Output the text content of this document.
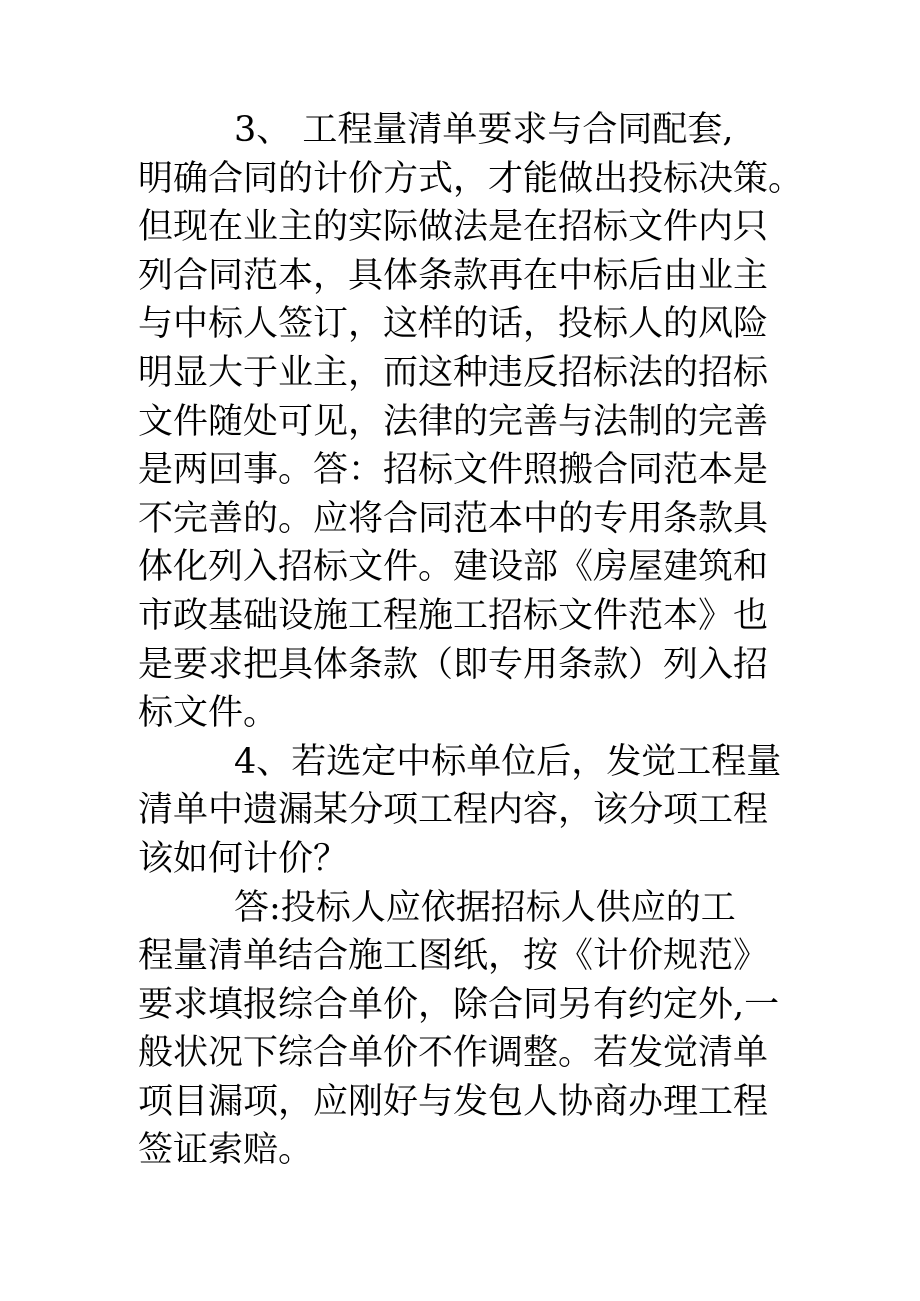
3、 工程量清单要求与合同配套,
明确合同的计价方式，才能做出投标决策。
但现在业主的实际做法是在招标文件内只
列合同范本，具体条款再在中标后由业主
与中标人签订，这样的话，投标人的风险
明显大于业主，而这种违反招标法的招标
文件随处可见，法律的完善与法制的完善
是两回事。答：招标文件照搬合同范本是
不完善的。应将合同范本中的专用条款具
体化列入招标文件。建设部《房屋建筑和
市政基础设施工程施工招标文件范本》也
是要求把具体条款（即专用条款）列入招
标文件。
4、若选定中标单位后，发觉工程量
清单中遗漏某分项工程内容，该分项工程
该如何计价？
答:投标人应依据招标人供应的工
程量清单结合施工图纸，按《计价规范》
要求填报综合单价，除合同另有约定外,一
般状况下综合单价不作调整。若发觉清单
项目漏项，应刚好与发包人协商办理工程
签证索赔。
